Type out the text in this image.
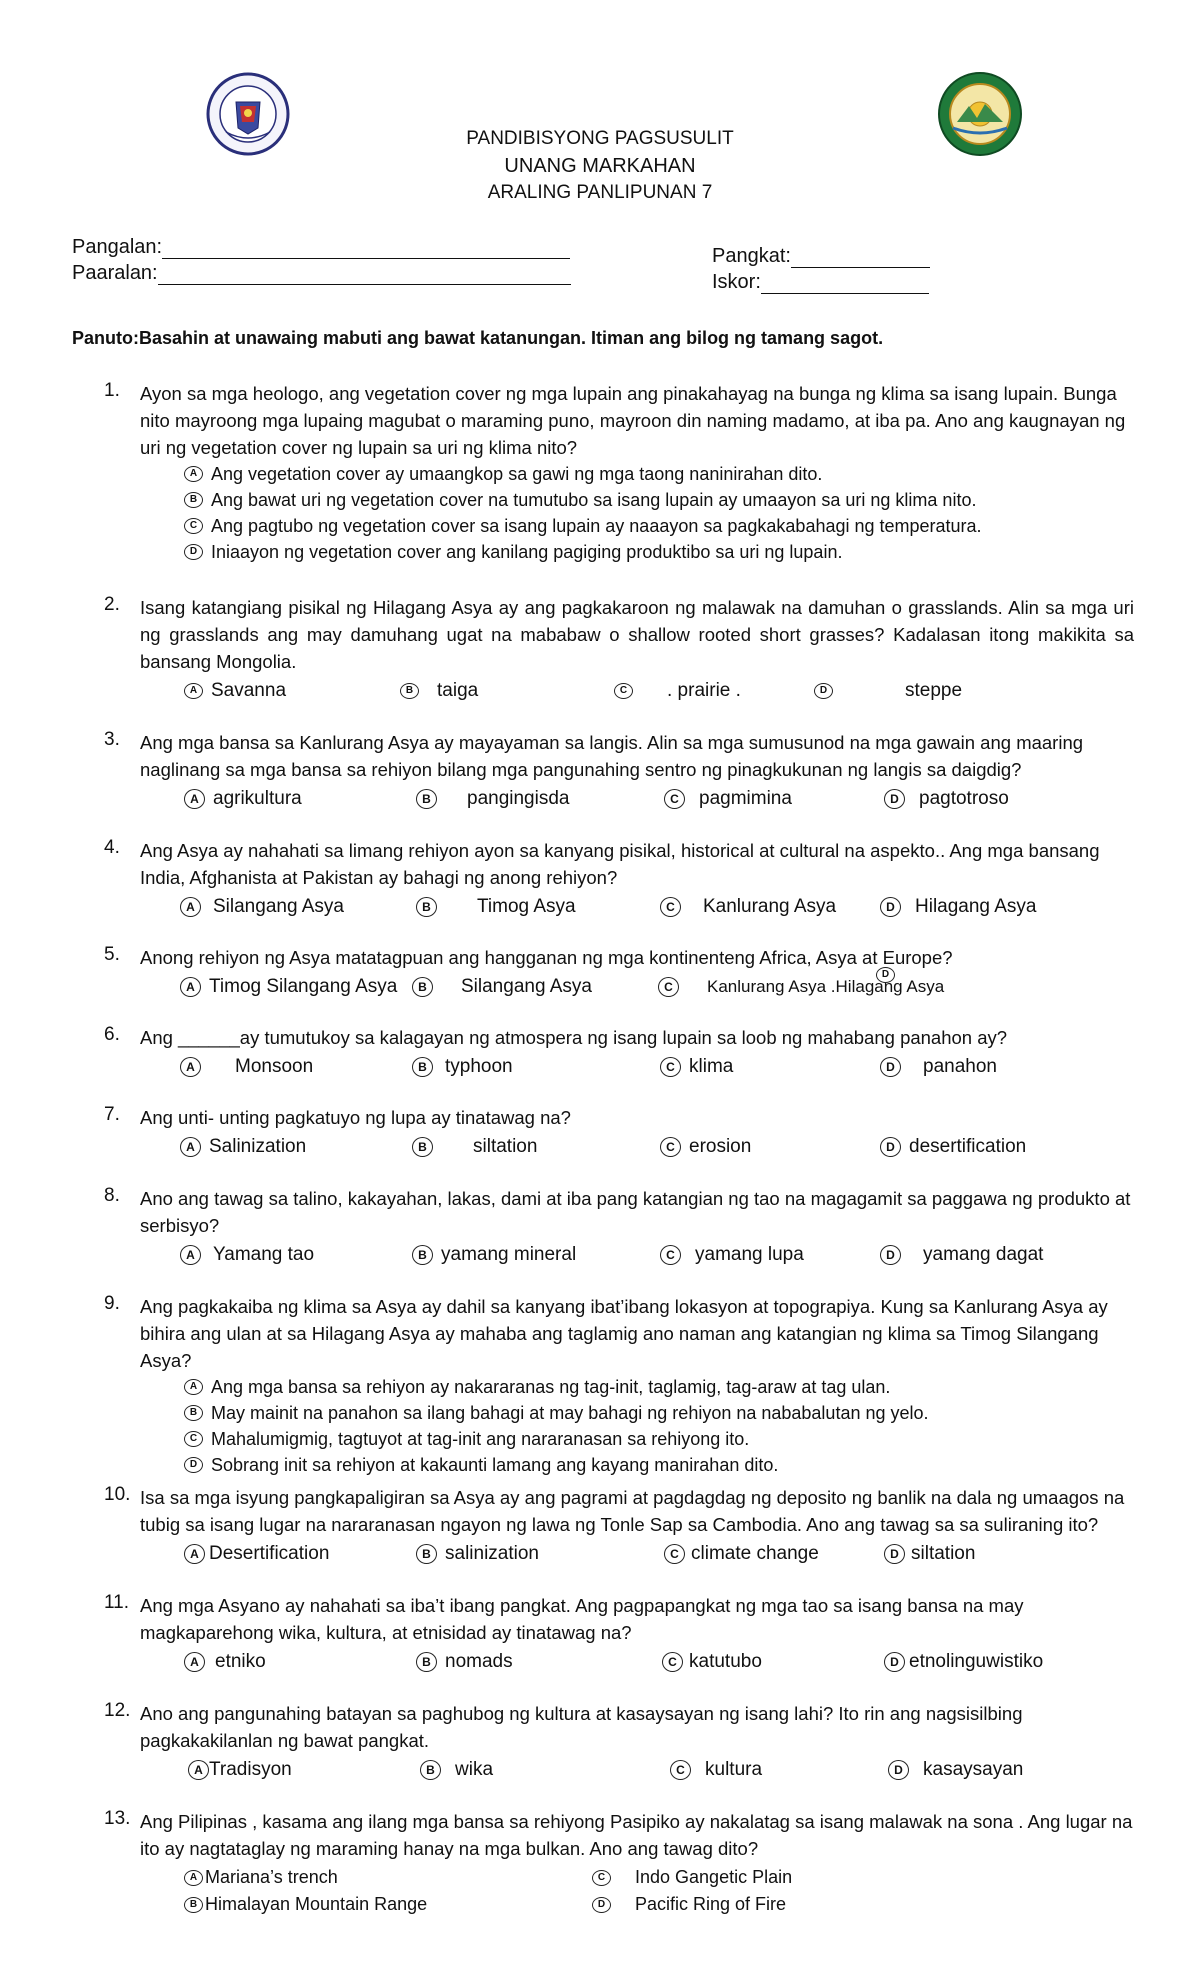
PANDIBISYONG PAGSUSULIT
UNANG MARKAHAN
ARALING PANLIPUNAN 7
Pangalan:
Paaralan:
Pangkat:
Iskor:
Panuto:Basahin at unawaing mabuti ang bawat katanungan. Itiman ang bilog ng tamang sagot.
1.	Ayon sa mga heologo, ang vegetation cover ng mga lupain ang pinakahayag na bunga ng klima sa isang lupain. Bunga nito mayroong mga lupaing magubat o maraming puno, mayroon din naming madamo, at iba pa. Ano ang kaugnayan ng uri ng vegetation cover ng lupain sa uri ng klima nito?
A Ang vegetation cover ay umaangkop sa gawi ng mga taong naninirahan dito.
B Ang bawat uri ng vegetation cover na tumutubo sa isang lupain ay umaayon sa uri ng klima nito.
C Ang pagtubo ng vegetation cover sa isang lupain ay naaayon sa pagkakabahagi ng temperatura.
D Iniaayon ng vegetation cover ang kanilang pagiging produktibo sa uri ng lupain.
2.	Isang katangiang pisikal ng Hilagang Asya ay ang pagkakaroon ng malawak na damuhan o grasslands. Alin sa mga uri ng grasslands ang may damuhang ugat na mababaw o shallow rooted short grasses? Kadalasan itong makikita sa bansang Mongolia.
A Savanna	B	taiga	C	. prairie .	D	steppe
3.	Ang mga bansa sa Kanlurang Asya ay mayayaman sa langis. Alin sa mga sumusunod na mga gawain ang maaring naglinang sa mga bansa sa rehiyon bilang mga pangunahing sentro ng pinagkukunan ng langis sa daigdig?
A agrikultura	B	pangingisda	C	pagmimina	D	pagtotroso
4.	Ang Asya ay nahahati sa limang rehiyon ayon sa kanyang pisikal, historical at cultural na aspekto.. Ang mga bansang India, Afghanista at Pakistan ay bahagi ng anong rehiyon?
A Silangang Asya	B	Timog Asya	C	Kanlurang Asya	D	Hilagang Asya
5.	Anong rehiyon ng Asya matatagpuan ang hangganan ng mga kontinenteng Africa, Asya at Europe?
A Timog Silangang Asya	B	Silangang Asya	C	Kanlurang Asya .Hilagang Asya
D
6.	Ang ______ay tumutukoy sa kalagayan ng atmospera ng isang lupain sa loob ng mahabang panahon ay?
A	Monsoon	B typhoon	C klima	D	panahon
7.	Ang unti- unting pagkatuyo ng lupa ay tinatawag na?
A Salinization	B	siltation	C erosion	D desertification
8.	Ano ang tawag sa talino, kakayahan, lakas, dami at iba pang katangian ng tao na magagamit sa paggawa ng produkto at serbisyo?
A Yamang tao	B yamang mineral	C	yamang lupa	D	yamang dagat
9.	Ang pagkakaiba ng klima sa Asya ay dahil sa kanyang ibat’ibang lokasyon at topograpiya. Kung sa Kanlurang Asya ay bihira ang ulan at sa Hilagang Asya ay mahaba ang taglamig ano naman ang katangian ng klima sa Timog Silangang Asya?
A Ang mga bansa sa rehiyon ay nakararanas ng tag-init, taglamig, tag-araw at tag ulan.
B May mainit na panahon sa ilang bahagi at may bahagi ng rehiyon na nababalutan ng yelo.
C Mahalumigmig, tagtuyot at tag-init ang nararanasan sa rehiyong ito.
D Sobrang init sa rehiyon at kakaunti lamang ang kayang manirahan dito.
10. Isa sa mga isyung pangkapaligiran sa Asya ay ang pagrami at pagdagdag ng deposito ng banlik na dala ng umaagos na tubig sa isang lugar na nararanasan ngayon ng lawa ng Tonle Sap sa Cambodia. Ano ang tawag sa sa suliraning ito?
A Desertification	B salinization	C climate change	D siltation
11. Ang mga Asyano ay nahahati sa iba’t ibang pangkat. Ang pagpapangkat ng mga tao sa isang bansa na may magkaparehong wika, kultura, at etnisidad ay tinatawag na?
A etniko	B nomads	C katutubo	D etnolinguwistiko
12. Ano ang pangunahing batayan sa paghubog ng kultura at kasaysayan ng isang lahi? Ito rin ang nagsisilbing pagkakakilanlan ng bawat pangkat.
A Tradisyon	B	wika	C	kultura	D	kasaysayan
13. Ang Pilipinas , kasama ang ilang mga bansa sa rehiyong Pasipiko ay nakalatag sa isang malawak na sona . Ang lugar na ito ay nagtataglay ng maraming hanay na mga bulkan. Ano ang tawag dito?
A Mariana’s trench
B Himalayan Mountain Range
C	Indo Gangetic Plain
D	Pacific Ring of Fire
